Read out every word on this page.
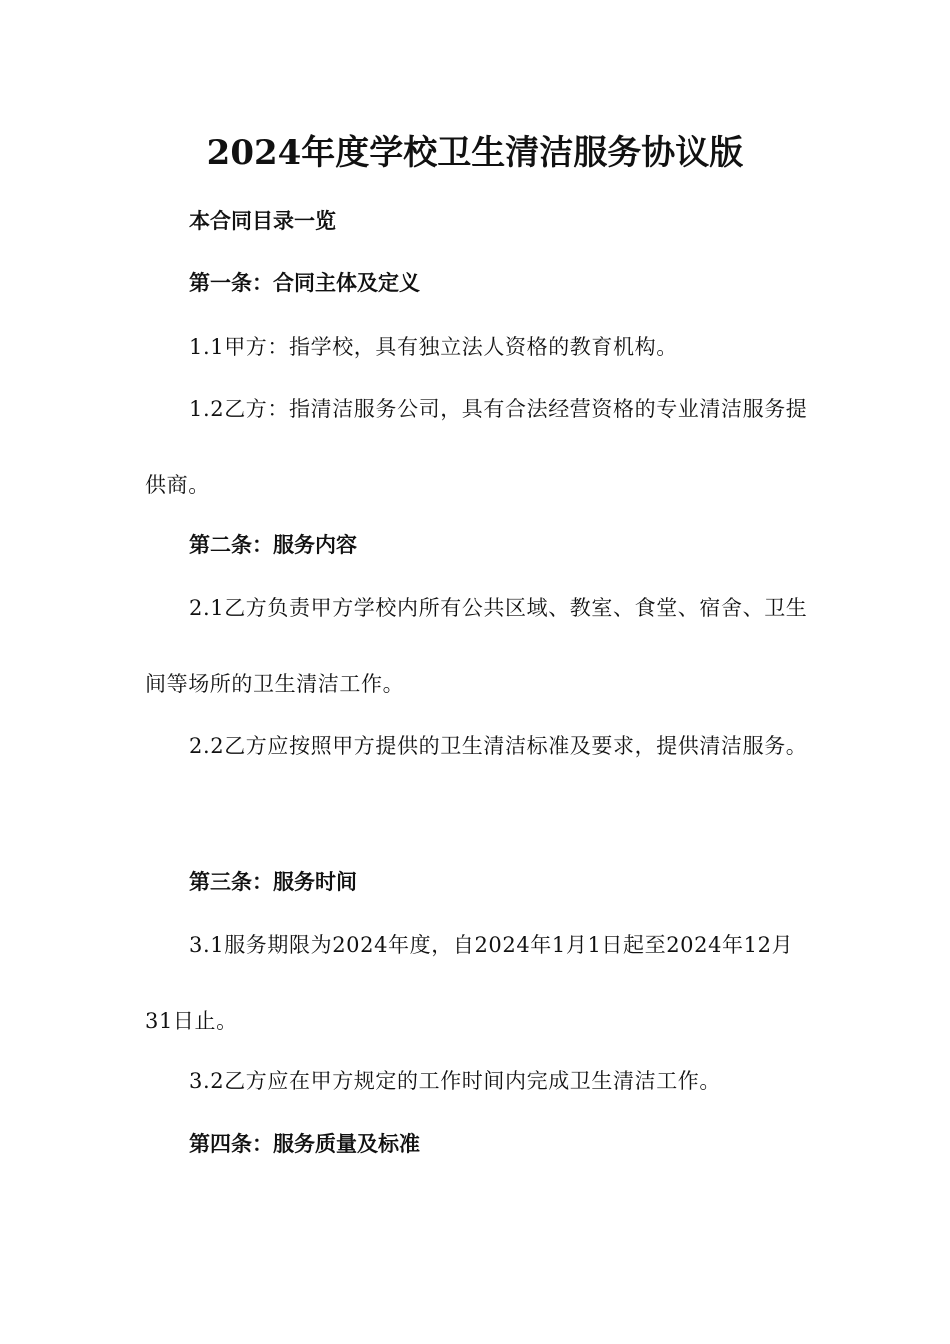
2024年度学校卫生清洁服务协议版
本合同目录一览
第一条：合同主体及定义
1.1甲方：指学校，具有独立法人资格的教育机构。
1.2乙方：指清洁服务公司，具有合法经营资格的专业清洁服务提供商。
第二条：服务内容
2.1乙方负责甲方学校内所有公共区域、教室、食堂、宿舍、卫生间等场所的卫生清洁工作。
2.2乙方应按照甲方提供的卫生清洁标准及要求，提供清洁服务。
第三条：服务时间
3.1服务期限为2024年度，自2024年1月1日起至2024年12月31日止。
3.2乙方应在甲方规定的工作时间内完成卫生清洁工作。
第四条：服务质量及标准
